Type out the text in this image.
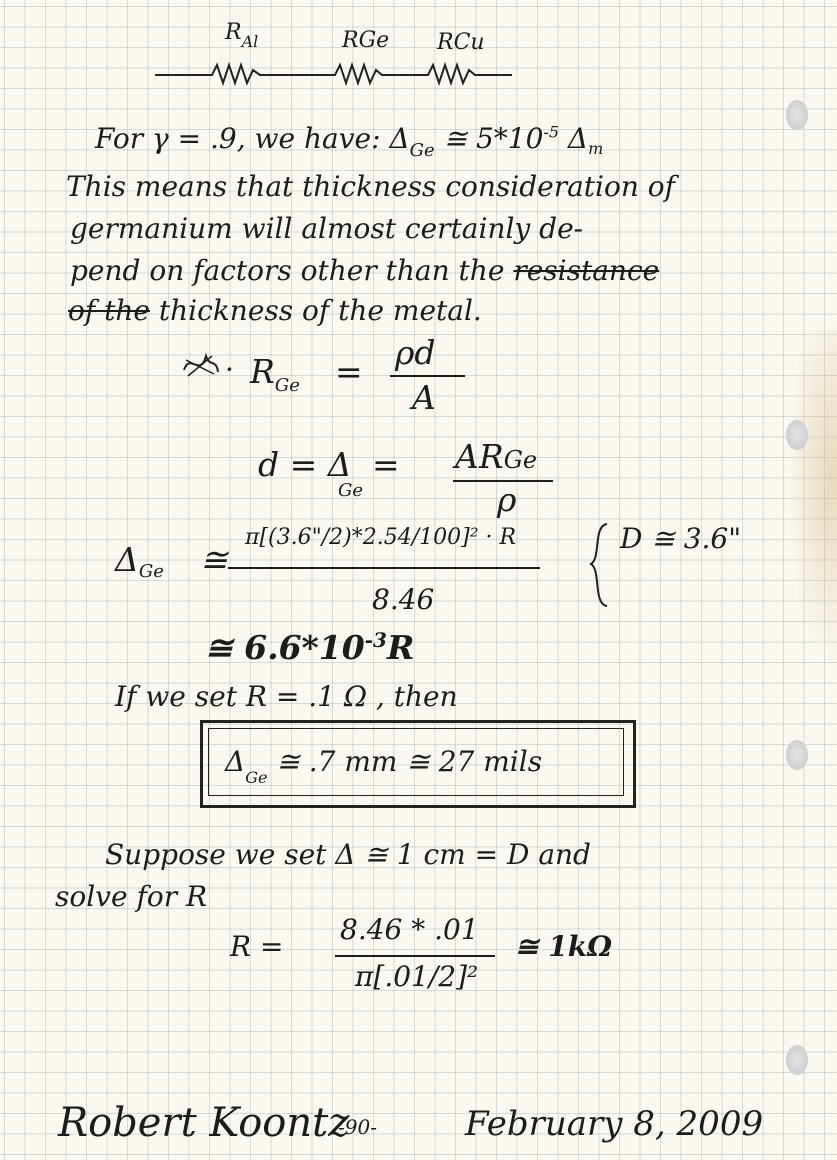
$R_{Al}$	RGe RCu
For γ = .9, we have: $\Delta_{Ge}$ ≅ $5*10^{-5}$ $\Delta_m$
This means that thickness consideration of
germanium will almost certainly de-
pend on factors other than the resistance
of the thickness of the metal.
· $R_{Ge} = \rho d$
A
d = Δ
Ge
= ARGe
ρ
ΔGe ≅
π[(3.6"/2)*2.54/100]² · R
8.46
D ≅ 3.6"
≅ $6.6*10^{-3}R$
If we set R = .1 Ω , then
$\Delta_{Ge}$ ≅ .7 mm ≅ 27 mils
Suppose we set Δ ≅ 1 cm = D and
solve for R
R =
8.46 * .01
π[.01/2]²
≅ 1kΩ
Robert Koontz
-90-	February 8, 2009
